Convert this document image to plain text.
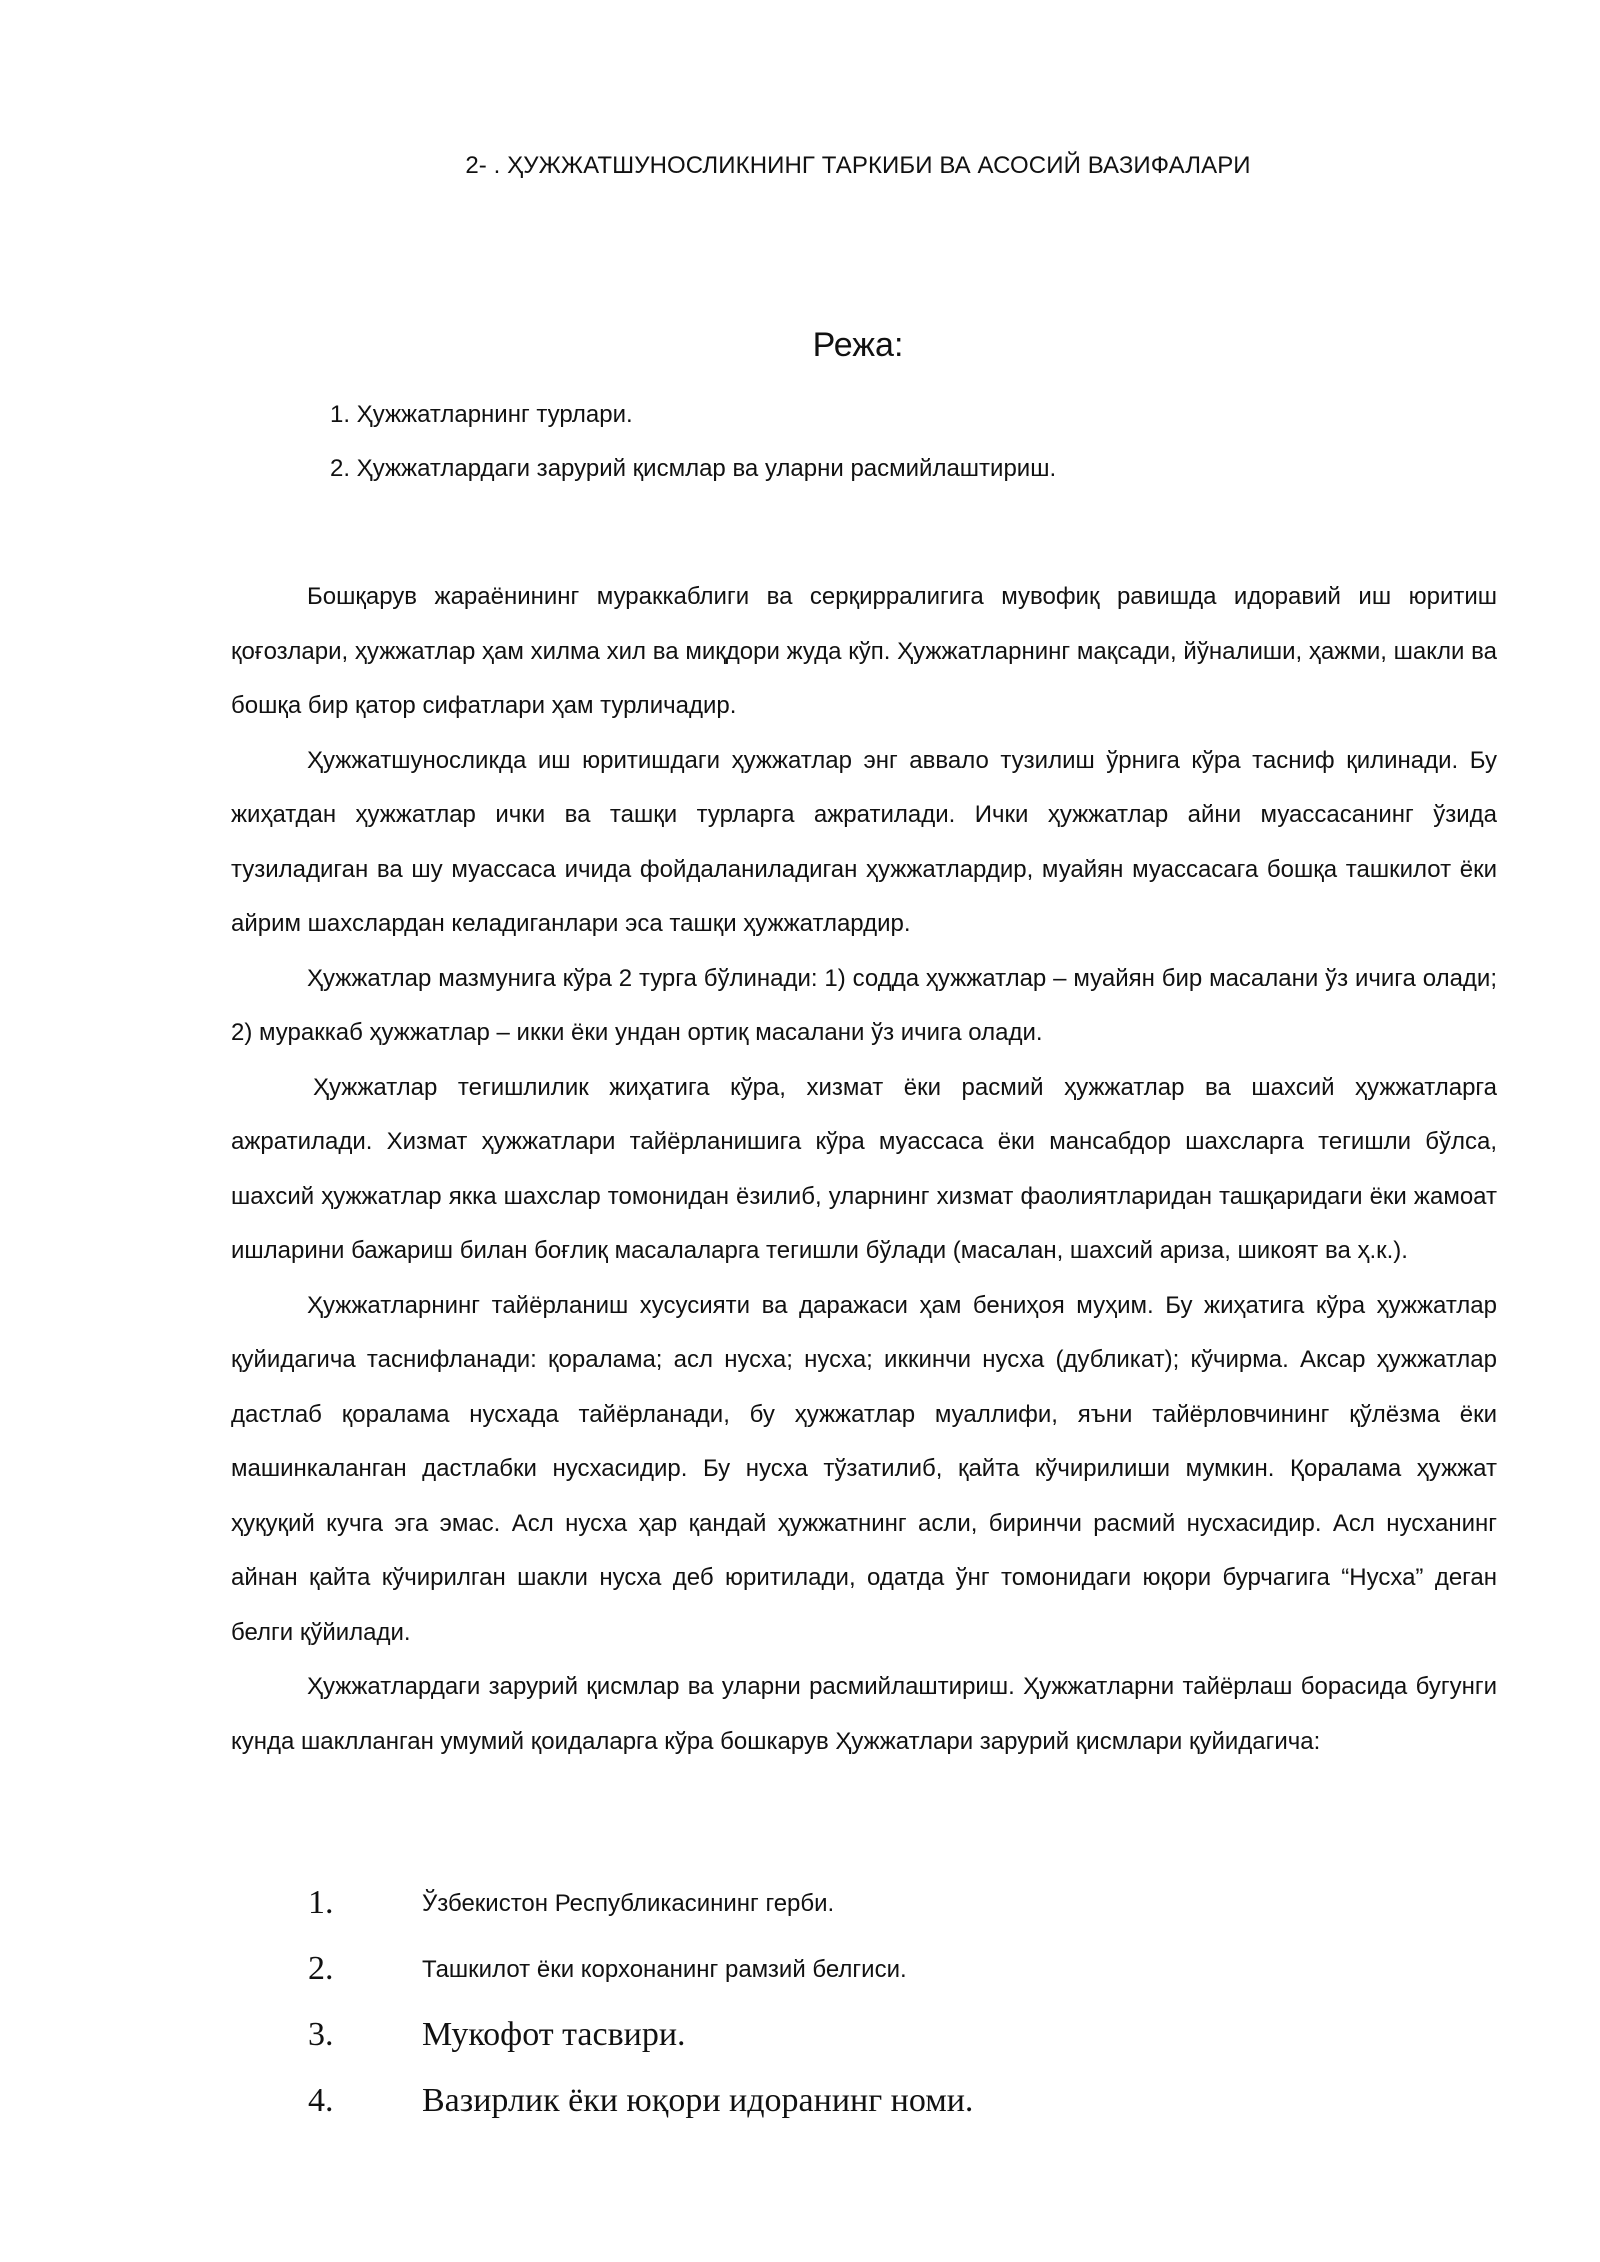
2- . ҲУЖЖАТШУНОСЛИКНИНГ ТАРКИБИ ВА АСОСИЙ ВАЗИФАЛАРИ
Режа:
1. Ҳужжатларнинг турлари.
2. Ҳужжатлардаги зарурий қисмлар ва уларни расмийлаштириш.

Бошқарув жараёнининг мураккаблиги ва серқирралигига мувофиқ равишда идоравий иш юритиш қоғозлари, ҳужжатлар ҳам хилма хил ва миқдори жуда кўп. Ҳужжатларнинг мақсади, йўналиши, ҳажми, шакли ва бошқа бир қатор сифатлари ҳам турличадир.

Ҳужжатшуносликда иш юритишдаги ҳужжатлар энг аввало тузилиш ўрнига кўра тасниф қилинади. Бу жиҳатдан ҳужжатлар ички ва ташқи турларга ажратилади. Ички ҳужжатлар айни муассасанинг ўзида тузиладиган ва шу муассаса ичида фойдаланиладиган ҳужжатлардир, муайян муассасага бошқа ташкилот ёки айрим шахслардан келадиганлари эса ташқи ҳужжатлардир.

Ҳужжатлар мазмунига кўра 2 турга бўлинади: 1) содда ҳужжатлар – муайян бир масалани ўз ичига олади; 2) мураккаб ҳужжатлар – икки ёки ундан ортиқ масалани ўз ичига олади.

Ҳужжатлар тегишлилик жиҳатига кўра, хизмат ёки расмий ҳужжатлар ва шахсий ҳужжатларга ажратилади. Хизмат ҳужжатлари тайёрланишига кўра муассаса ёки мансабдор шахсларга тегишли бўлса, шахсий ҳужжатлар якка шахслар томонидан ёзилиб, уларнинг хизмат фаолиятларидан ташқаридаги ёки жамоат ишларини бажариш билан боғлиқ масалаларга тегишли бўлади (масалан, шахсий ариза, шикоят ва ҳ.к.).

Ҳужжатларнинг тайёрланиш хусусияти ва даражаси ҳам бениҳоя муҳим. Бу жиҳатига кўра ҳужжатлар қуйидагича таснифланади: қоралама; асл нусха; нусха; иккинчи нусха (дубликат); кўчирма. Аксар ҳужжатлар дастлаб қоралама нусхада тайёрланади, бу ҳужжатлар муаллифи, яъни тайёрловчининг қўлёзма ёки машинкаланган дастлабки нусхасидир. Бу нусха тўзатилиб, қайта кўчирилиши мумкин. Қоралама ҳужжат ҳуқуқий кучга эга эмас. Асл нусха ҳар қандай ҳужжатнинг асли, биринчи расмий нусхасидир. Асл нусханинг айнан қайта кўчирилган шакли нусха деб юритилади, одатда ўнг томонидаги юқори бурчагига “Нусха” деган белги қўйилади.

Ҳужжатлардаги зарурий қисмлар ва уларни расмийлаштириш. Ҳужжатларни тайёрлаш борасида бугунги кунда шаклланган умумий қоидаларга кўра бошкарув Ҳужжатлари зарурий қисмлари қуйидагича:

1.	Ўзбекистон Республикасининг герби.
2.	Ташкилот ёки корхонанинг рамзий белгиси.
3.	Мукофот тасвири.
4.	Вазирлик ёки юқори идоранинг номи.
